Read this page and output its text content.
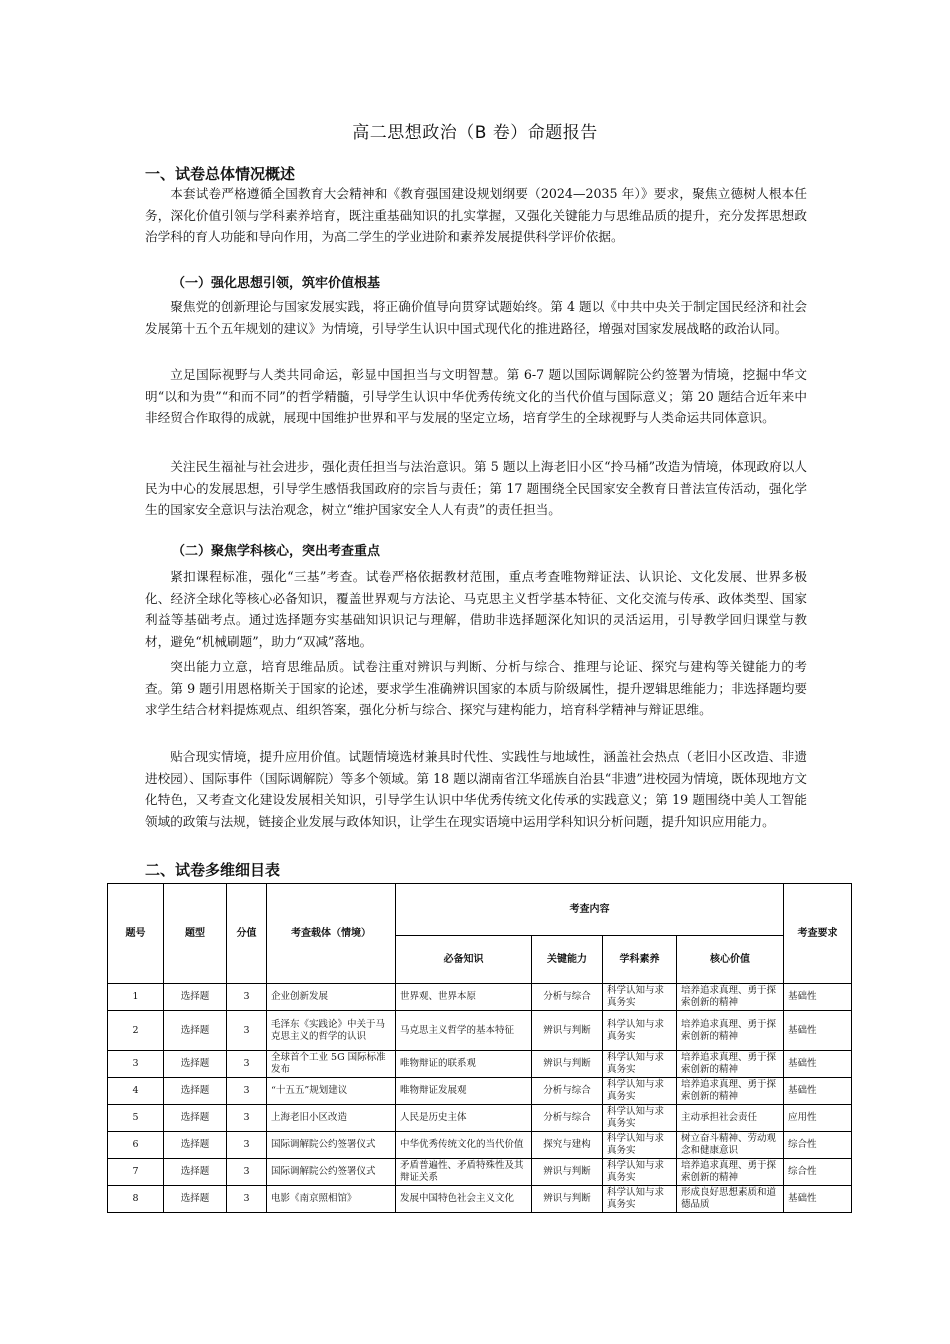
高二思想政治（B 卷）命题报告
一、试卷总体情况概述

本套试卷严格遵循全国教育大会精神和《教育强国建设规划纲要（2024—2035 年）》要求，聚焦立德树人根本任务，深化价值引领与学科素养培育，既注重基础知识的扎实掌握，又强化关键能力与思维品质的提升，充分发挥思想政治学科的育人功能和导向作用，为高二学生的学业进阶和素养发展提供科学评价依据。

（一）强化思想引领，筑牢价值根基

聚焦党的创新理论与国家发展实践，将正确价值导向贯穿试题始终。第 4 题以《中共中央关于制定国民经济和社会发展第十五个五年规划的建议》为情境，引导学生认识中国式现代化的推进路径，增强对国家发展战略的政治认同。

立足国际视野与人类共同命运，彰显中国担当与文明智慧。第 6-7 题以国际调解院公约签署为情境，挖掘中华文明“以和为贵”“和而不同”的哲学精髓，引导学生认识中华优秀传统文化的当代价值与国际意义；第 20 题结合近年来中非经贸合作取得的成就，展现中国维护世界和平与发展的坚定立场，培育学生的全球视野与人类命运共同体意识。

关注民生福祉与社会进步，强化责任担当与法治意识。第 5 题以上海老旧小区“拎马桶”改造为情境，体现政府以人民为中心的发展思想，引导学生感悟我国政府的宗旨与责任；第 17 题围绕全民国家安全教育日普法宣传活动，强化学生的国家安全意识与法治观念，树立“维护国家安全人人有责”的责任担当。

（二）聚焦学科核心，突出考查重点

紧扣课程标准，强化“三基”考查。试卷严格依据教材范围，重点考查唯物辩证法、认识论、文化发展、世界多极化、经济全球化等核心必备知识，覆盖世界观与方法论、马克思主义哲学基本特征、文化交流与传承、政体类型、国家利益等基础考点。通过选择题夯实基础知识识记与理解，借助非选择题深化知识的灵活运用，引导教学回归课堂与教材，避免“机械刷题”，助力“双减”落地。

突出能力立意，培育思维品质。试卷注重对辨识与判断、分析与综合、推理与论证、探究与建构等关键能力的考查。第 9 题引用恩格斯关于国家的论述，要求学生准确辨识国家的本质与阶级属性，提升逻辑思维能力；非选择题均要求学生结合材料提炼观点、组织答案，强化分析与综合、探究与建构能力，培育科学精神与辩证思维。

贴合现实情境，提升应用价值。试题情境选材兼具时代性、实践性与地域性，涵盖社会热点（老旧小区改造、非遗进校园）、国际事件（国际调解院）等多个领域。第 18 题以湖南省江华瑶族自治县“非遗”进校园为情境，既体现地方文化特色，又考查文化建设发展相关知识，引导学生认识中华优秀传统文化传承的实践意义；第 19 题围绕中美人工智能领域的政策与法规，链接企业发展与政体知识，让学生在现实语境中运用学科知识分析问题，提升知识应用能力。

二、试卷多维细目表
题号	题型	分值	考查载体（情境）	考查内容				考查要求
				必备知识	关键能力	学科素养	核心价值	
1	选择题	3	企业创新发展	世界观、世界本原	分析与综合	科学认知与求真务实	培养追求真理、勇于探索创新的精神	基础性
2	选择题	3	毛泽东《实践论》中关于马克思主义的哲学的认识	马克思主义哲学的基本特征	辨识与判断	科学认知与求真务实	培养追求真理、勇于探索创新的精神	基础性
3	选择题	3	全球首个工业 5G 国际标准发布	唯物辩证的联系观	辨识与判断	科学认知与求真务实	培养追求真理、勇于探索创新的精神	基础性
4	选择题	3	“十五五”规划建议	唯物辩证发展观	分析与综合	科学认知与求真务实	培养追求真理、勇于探索创新的精神	基础性
5	选择题	3	上海老旧小区改造	人民是历史主体	分析与综合	科学认知与求真务实	主动承担社会责任	应用性
6	选择题	3	国际调解院公约签署仪式	中华优秀传统文化的当代价值	探究与建构	科学认知与求真务实	树立奋斗精神、劳动观念和健康意识	综合性
7	选择题	3	国际调解院公约签署仪式	矛盾普遍性、矛盾特殊性及其辩证关系	辨识与判断	科学认知与求真务实	培养追求真理、勇于探索创新的精神	综合性
8	选择题	3	电影《南京照相馆》	发展中国特色社会主义文化	辨识与判断	科学认知与求真务实	形成良好思想素质和道德品质	基础性
